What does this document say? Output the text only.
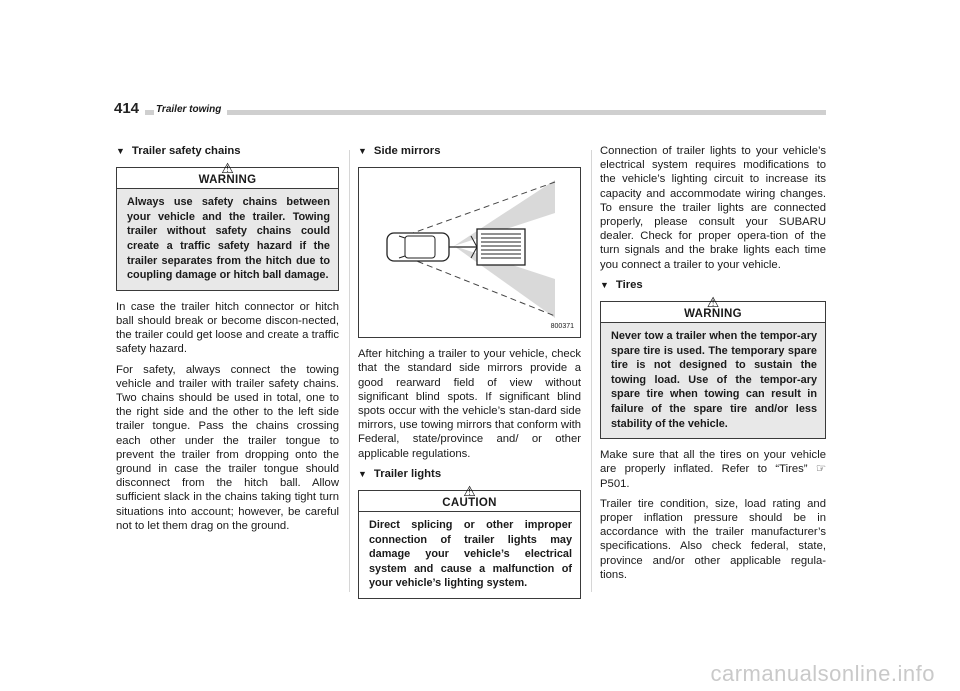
414	Trailer towing
▼ Trailer safety chains
⚠
WARNING
Always use safety chains between your vehicle and the trailer. Towing trailer without safety chains could create a traffic safety hazard if the trailer separates from the hitch due to coupling damage or hitch ball damage.

In case the trailer hitch connector or hitch ball should break or become discon-nected, the trailer could get loose and create a traffic safety hazard.

For safety, always connect the towing vehicle and trailer with trailer safety chains. Two chains should be used in total, one to the right side and the other to the left side trailer tongue. Pass the chains crossing each other under the trailer tongue to prevent the trailer from dropping onto the ground in case the trailer tongue should disconnect from the hitch ball. Allow sufficient slack in the chains taking tight turn situations into account; however, be careful not to let them drag on the ground.

▼ Side mirrors
800371

After hitching a trailer to your vehicle, check that the standard side mirrors provide a good rearward field of view without significant blind spots. If significant blind spots occur with the vehicle’s stan-dard side mirrors, use towing mirrors that conform with Federal, state/province and/ or other applicable regulations.

▼ Trailer lights
⚠
CAUTION
Direct splicing or other improper connection of trailer lights may damage your vehicle’s electrical system and cause a malfunction of your vehicle’s lighting system.

Connection of trailer lights to your vehicle’s electrical system requires modifications to the vehicle’s lighting circuit to increase its capacity and accommodate wiring changes. To ensure the trailer lights are connected properly, please consult your SUBARU dealer. Check for proper opera-tion of the turn signals and the brake lights each time you connect a trailer to your vehicle.

▼ Tires
⚠
WARNING
Never tow a trailer when the tempor-ary spare tire is used. The temporary spare tire is not designed to sustain the towing load. Use of the tempor-ary spare tire when towing can result in failure of the spare tire and/or less stability of the vehicle.

Make sure that all the tires on your vehicle are properly inflated. Refer to “Tires” ☞ P501.

Trailer tire condition, size, load rating and proper inflation pressure should be in accordance with the trailer manufacturer’s specifications. Also check federal, state, province and/or other applicable regula-tions.

carmanualsonline.info
